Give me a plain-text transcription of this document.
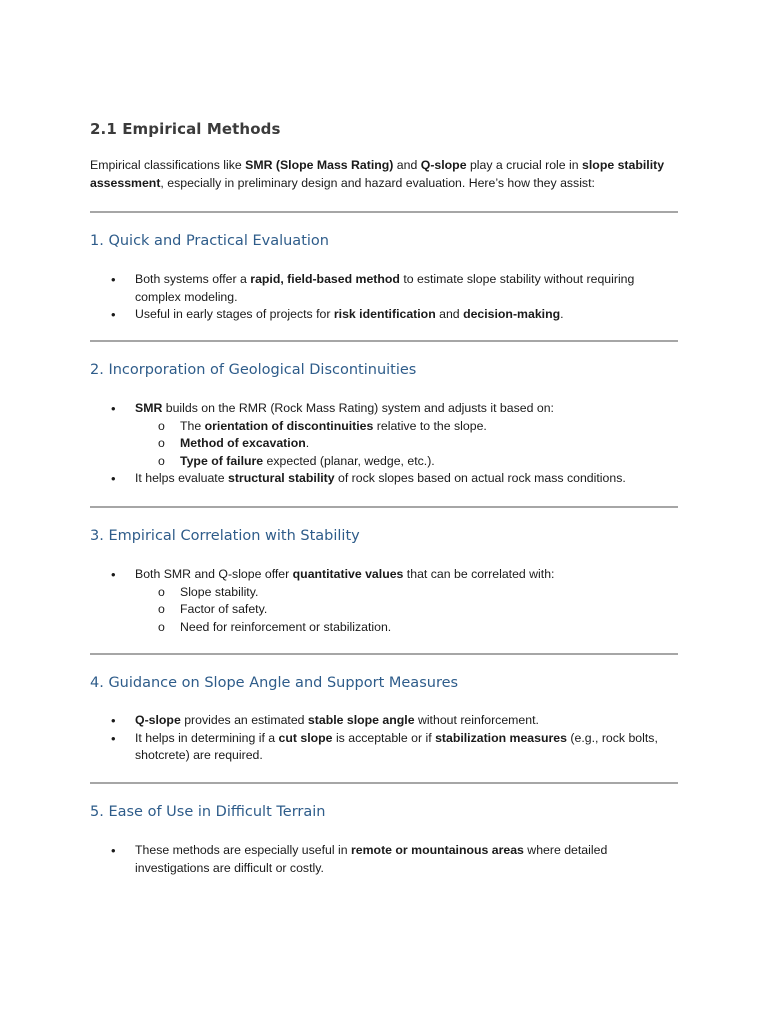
2.1 Empirical Methods

Empirical classifications like SMR (Slope Mass Rating) and Q-slope play a crucial role in slope stability assessment, especially in preliminary design and hazard evaluation. Here’s how they assist:

1. Quick and Practical Evaluation
• Both systems offer a rapid, field-based method to estimate slope stability without requiring complex modeling.
• Useful in early stages of projects for risk identification and decision-making.
2. Incorporation of Geological Discontinuities
• SMR builds on the RMR (Rock Mass Rating) system and adjusts it based on:
o The orientation of discontinuities relative to the slope.
o Method of excavation.
o Type of failure expected (planar, wedge, etc.).
• It helps evaluate structural stability of rock slopes based on actual rock mass conditions.
3. Empirical Correlation with Stability
• Both SMR and Q-slope offer quantitative values that can be correlated with:
o Slope stability.
o Factor of safety.
o Need for reinforcement or stabilization.
4. Guidance on Slope Angle and Support Measures
• Q-slope provides an estimated stable slope angle without reinforcement.
• It helps in determining if a cut slope is acceptable or if stabilization measures (e.g., rock bolts, shotcrete) are required.
5. Ease of Use in Difficult Terrain
• These methods are especially useful in remote or mountainous areas where detailed investigations are difficult or costly.
